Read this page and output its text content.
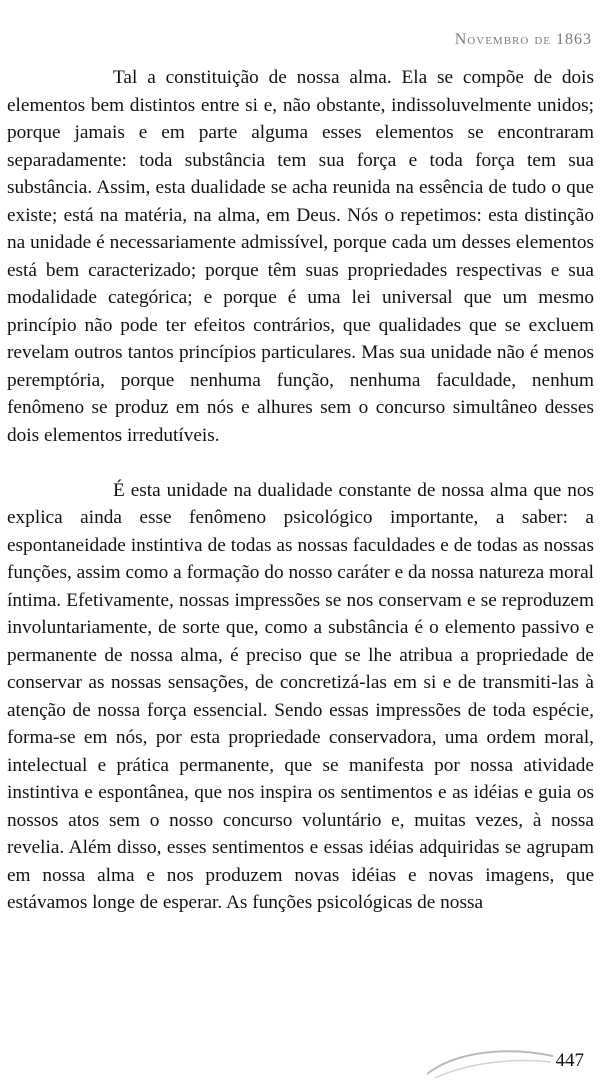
Novembro de 1863

Tal a constituição de nossa alma. Ela se compõe de dois elementos bem distintos entre si e, não obstante, indissoluvelmente unidos; porque jamais e em parte alguma esses elementos se encontraram separadamente: toda substância tem sua força e toda força tem sua substância. Assim, esta dualidade se acha reunida na essência de tudo o que existe; está na matéria, na alma, em Deus. Nós o repetimos: esta distinção na unidade é necessariamente admissível, porque cada um desses elementos está bem caracterizado; porque têm suas propriedades respectivas e sua modalidade categórica; e porque é uma lei universal que um mesmo princípio não pode ter efeitos contrários, que qualidades que se excluem revelam outros tantos princípios particulares. Mas sua unidade não é menos peremptória, porque nenhuma função, nenhuma faculdade, nenhum fenômeno se produz em nós e alhures sem o concurso simultâneo desses dois elementos irredutíveis.

É esta unidade na dualidade constante de nossa alma que nos explica ainda esse fenômeno psicológico importante, a saber: a espontaneidade instintiva de todas as nossas faculdades e de todas as nossas funções, assim como a formação do nosso caráter e da nossa natureza moral íntima. Efetivamente, nossas impressões se nos conservam e se reproduzem involuntariamente, de sorte que, como a substância é o elemento passivo e permanente de nossa alma, é preciso que se lhe atribua a propriedade de conservar as nossas sensações, de concretizá-las em si e de transmiti-las à atenção de nossa força essencial. Sendo essas impressões de toda espécie, forma-se em nós, por esta propriedade conservadora, uma ordem moral, intelectual e prática permanente, que se manifesta por nossa atividade instintiva e espontânea, que nos inspira os sentimentos e as idéias e guia os nossos atos sem o nosso concurso voluntário e, muitas vezes, à nossa revelia. Além disso, esses sentimentos e essas idéias adquiridas se agrupam em nossa alma e nos produzem novas idéias e novas imagens, que estávamos longe de esperar. As funções psicológicas de nossa

447
